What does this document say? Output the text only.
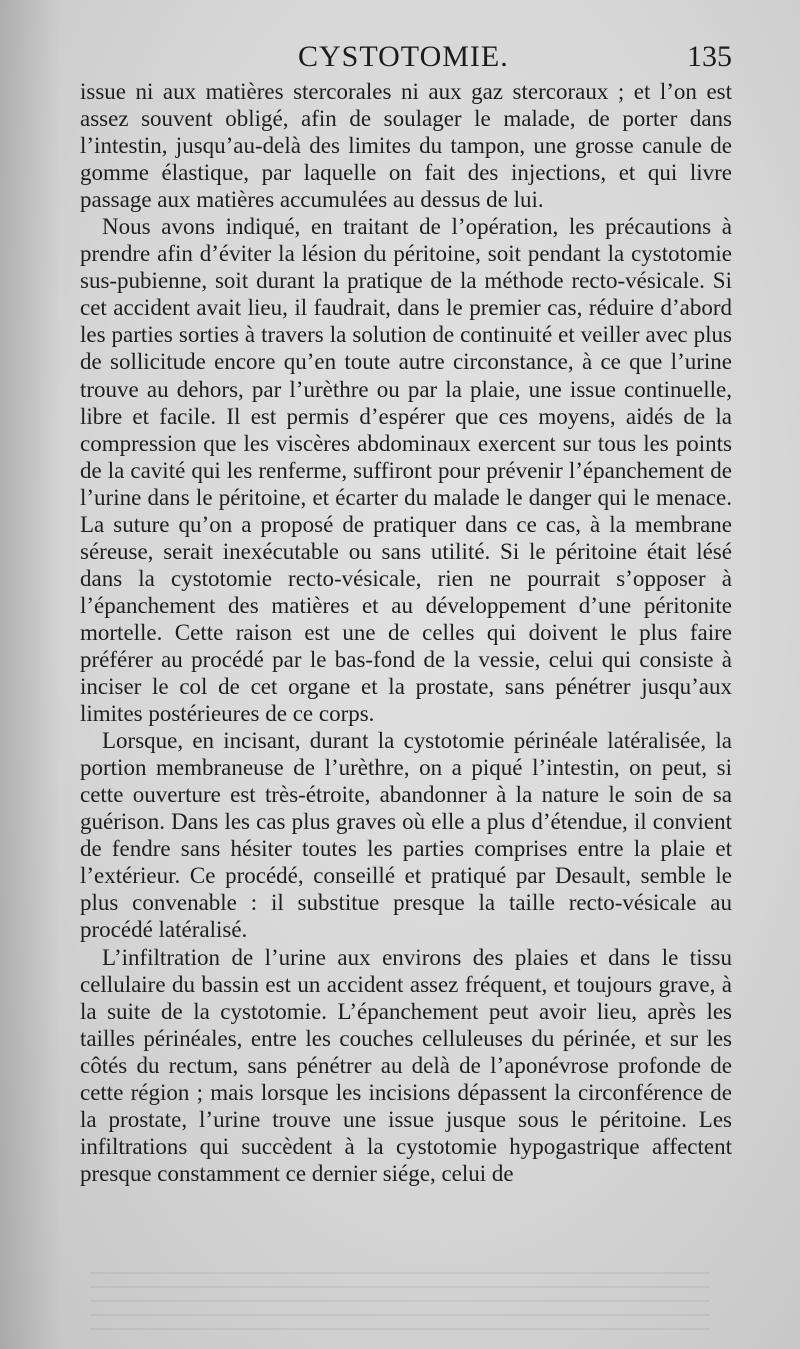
CYSTOTOMIE.	135

issue ni aux matières stercorales ni aux gaz stercoraux ; et l’on est assez souvent obligé, afin de soulager le malade, de porter dans l’intestin, jusqu’au-delà des limites du tampon, une grosse canule de gomme élastique, par laquelle on fait des injections, et qui livre passage aux matières accumulées au dessus de lui.

Nous avons indiqué, en traitant de l’opération, les précautions à prendre afin d’éviter la lésion du péritoine, soit pendant la cystotomie sus-pubienne, soit durant la pratique de la méthode recto-vésicale. Si cet accident avait lieu, il faudrait, dans le premier cas, réduire d’abord les parties sorties à travers la solution de continuité et veiller avec plus de sollicitude encore qu’en toute autre circonstance, à ce que l’urine trouve au dehors, par l’urèthre ou par la plaie, une issue continuelle, libre et facile. Il est permis d’espérer que ces moyens, aidés de la compression que les viscères abdominaux exercent sur tous les points de la cavité qui les renferme, suffiront pour prévenir l’épanchement de l’urine dans le péritoine, et écarter du malade le danger qui le menace. La suture qu’on a proposé de pratiquer dans ce cas, à la membrane séreuse, serait inexécutable ou sans utilité. Si le péritoine était lésé dans la cystotomie recto-vésicale, rien ne pourrait s’opposer à l’épanchement des matières et au développement d’une péritonite mortelle. Cette raison est une de celles qui doivent le plus faire préférer au procédé par le bas-fond de la vessie, celui qui consiste à inciser le col de cet organe et la prostate, sans pénétrer jusqu’aux limites postérieures de ce corps.

Lorsque, en incisant, durant la cystotomie périnéale latéralisée, la portion membraneuse de l’urèthre, on a piqué l’intestin, on peut, si cette ouverture est très-étroite, abandonner à la nature le soin de sa guérison. Dans les cas plus graves où elle a plus d’étendue, il convient de fendre sans hésiter toutes les parties comprises entre la plaie et l’extérieur. Ce procédé, conseillé et pratiqué par Desault, semble le plus convenable : il substitue presque la taille recto-vésicale au procédé latéralisé.

L’infiltration de l’urine aux environs des plaies et dans le tissu cellulaire du bassin est un accident assez fréquent, et toujours grave, à la suite de la cystotomie. L’épanchement peut avoir lieu, après les tailles périnéales, entre les couches celluleuses du périnée, et sur les côtés du rectum, sans pénétrer au delà de l’aponévrose profonde de cette région ; mais lorsque les incisions dépassent la circonférence de la prostate, l’urine trouve une issue jusque sous le péritoine. Les infiltrations qui succèdent à la cystotomie hypogastrique affectent presque constamment ce dernier siége, celui de
